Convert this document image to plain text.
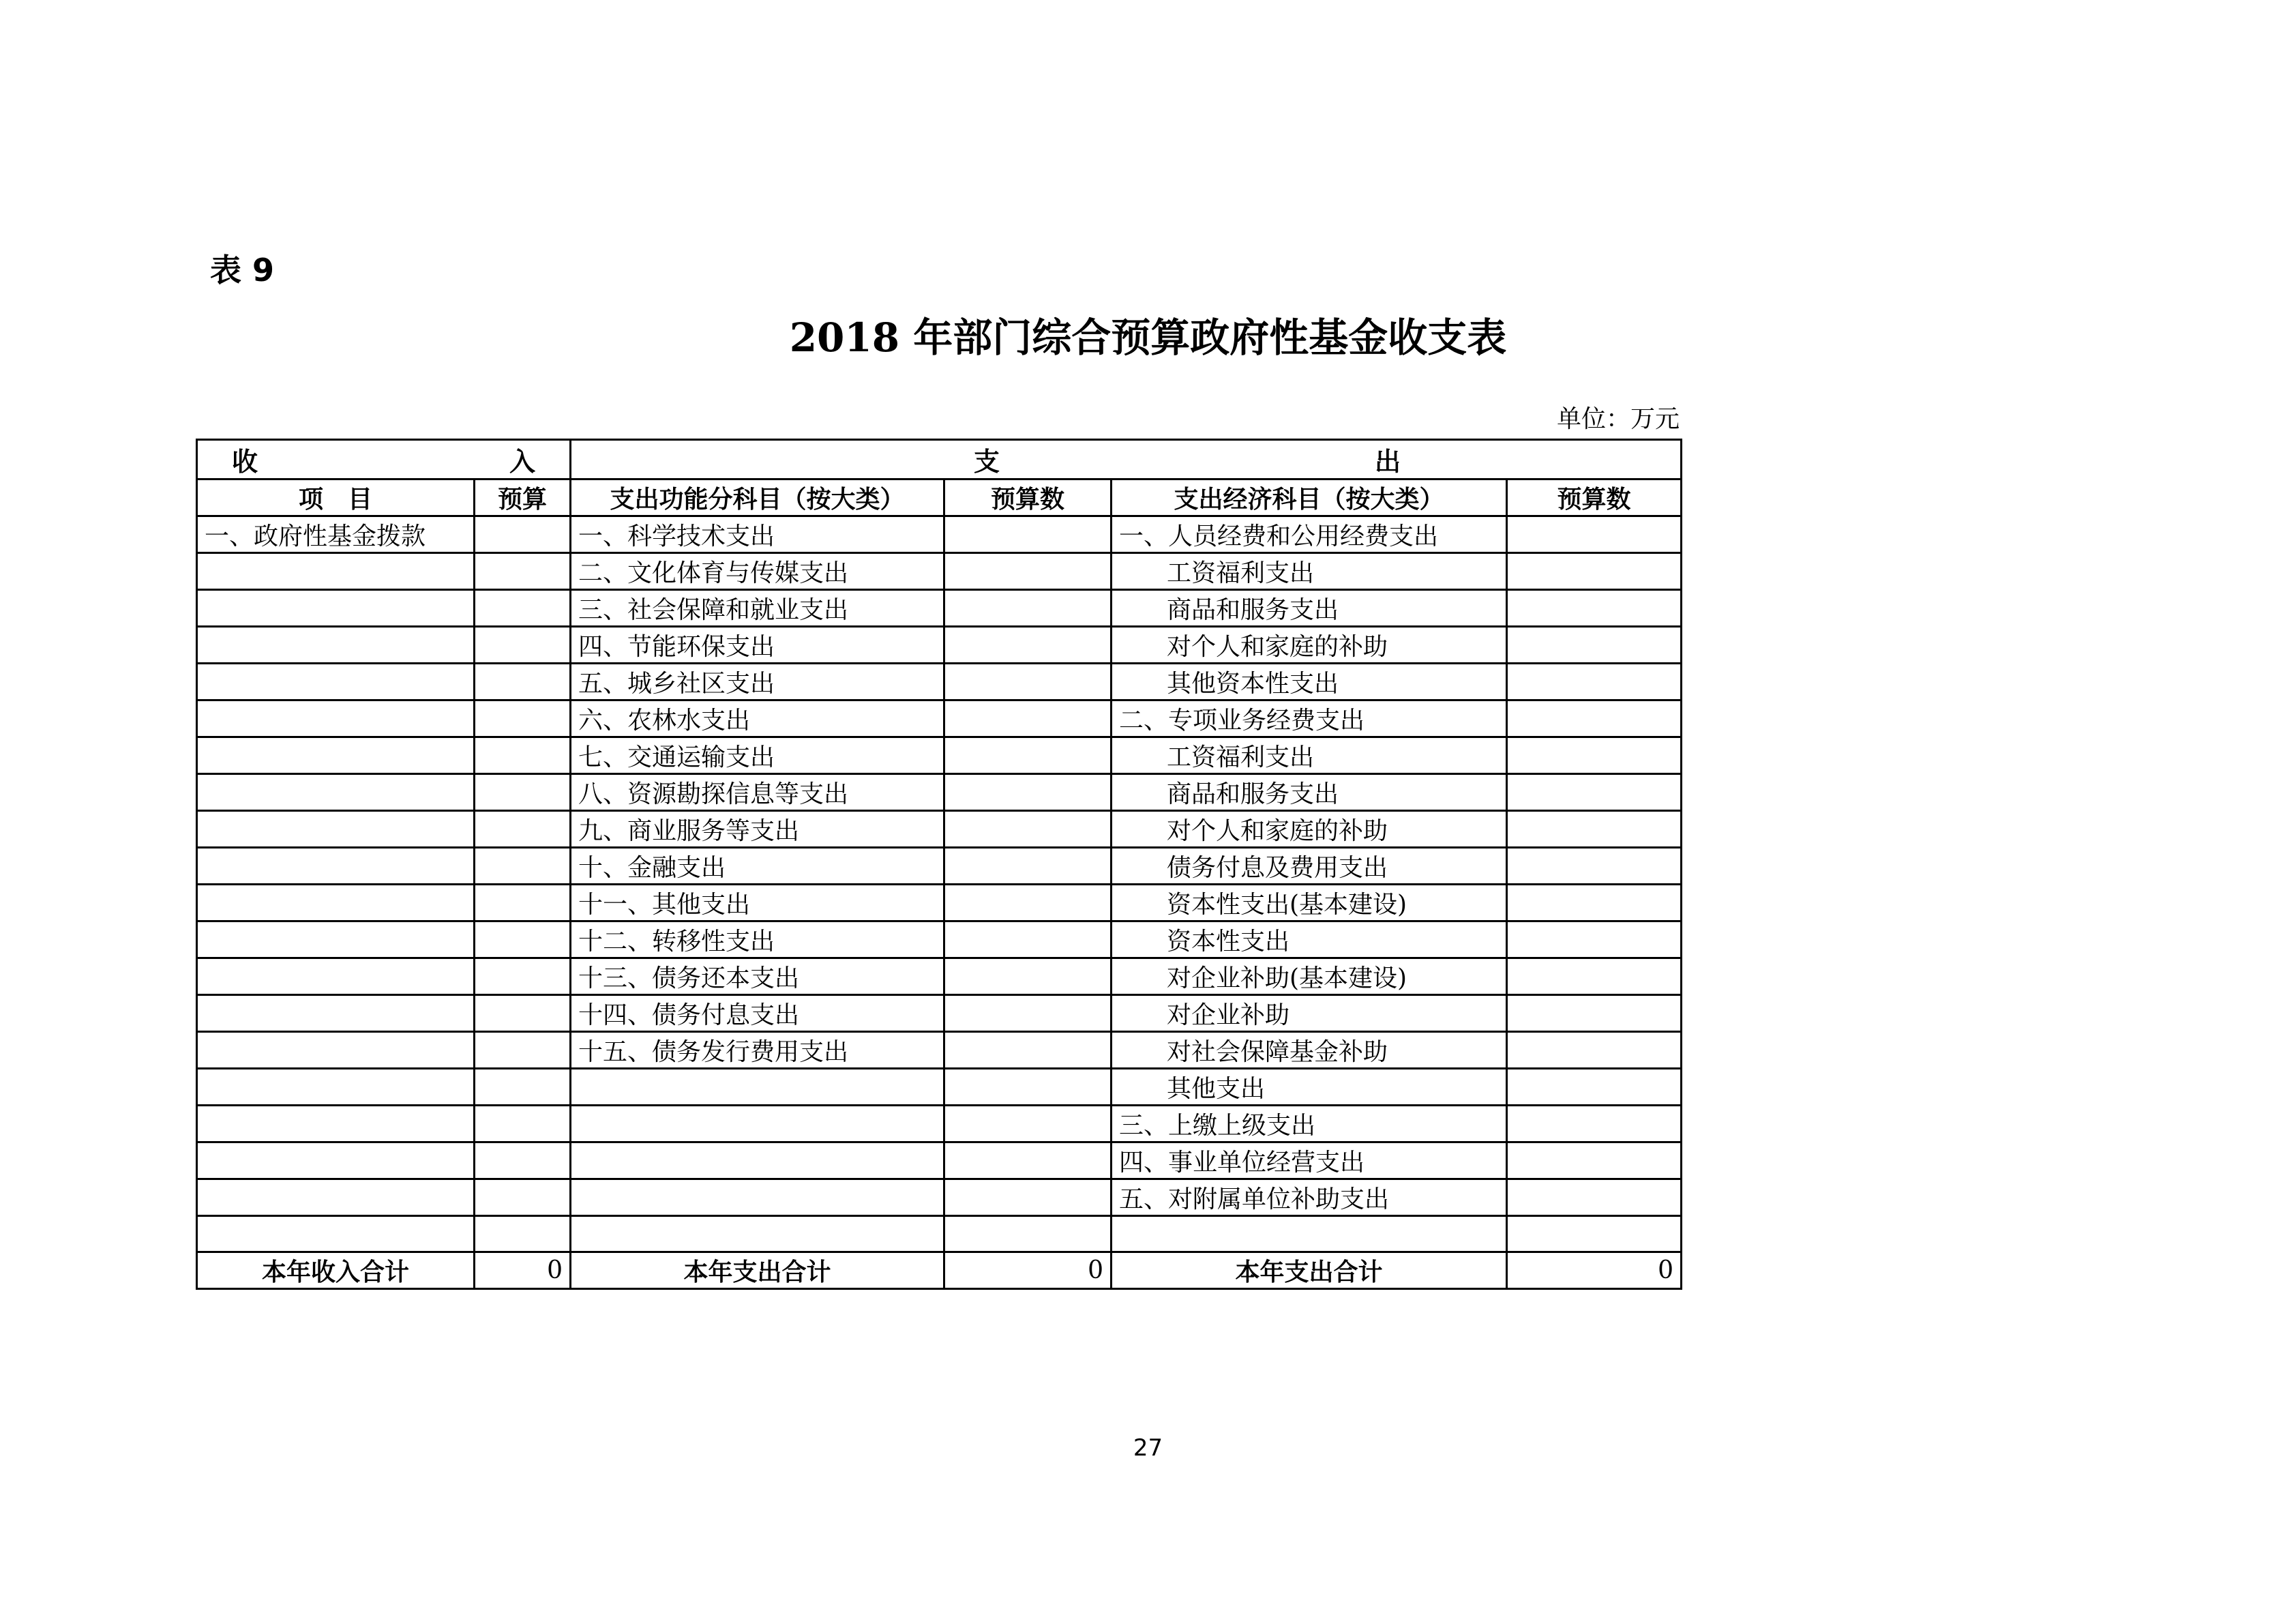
表 9
2018 年部门综合预算政府性基金收支表
单位：万元
收 入		支 出			

项　目	预算	支出功能分科目（按大类）	预算数	支出经济科目（按大类）	预算数
一、政府性基金拨款		一、科学技术支出		一、人员经费和公用经费支出	
		二、文化体育与传媒支出		工资福利支出	
		三、社会保障和就业支出		商品和服务支出	
		四、节能环保支出		对个人和家庭的补助	
		五、城乡社区支出		其他资本性支出	
		六、农林水支出		二、专项业务经费支出	
		七、交通运输支出		工资福利支出	
		八、资源勘探信息等支出		商品和服务支出	
		九、商业服务等支出		对个人和家庭的补助	
		十、金融支出		债务付息及费用支出	
		十一、其他支出		资本性支出(基本建设)	
		十二、转移性支出		资本性支出	
		十三、债务还本支出		对企业补助(基本建设)	
		十四、债务付息支出		对企业补助	
		十五、债务发行费用支出		对社会保障基金补助	
				其他支出	
				三、上缴上级支出	
				四、事业单位经营支出	
				五、对附属单位补助支出	

本年收入合计	0	本年支出合计	0	本年支出合计	0
27
